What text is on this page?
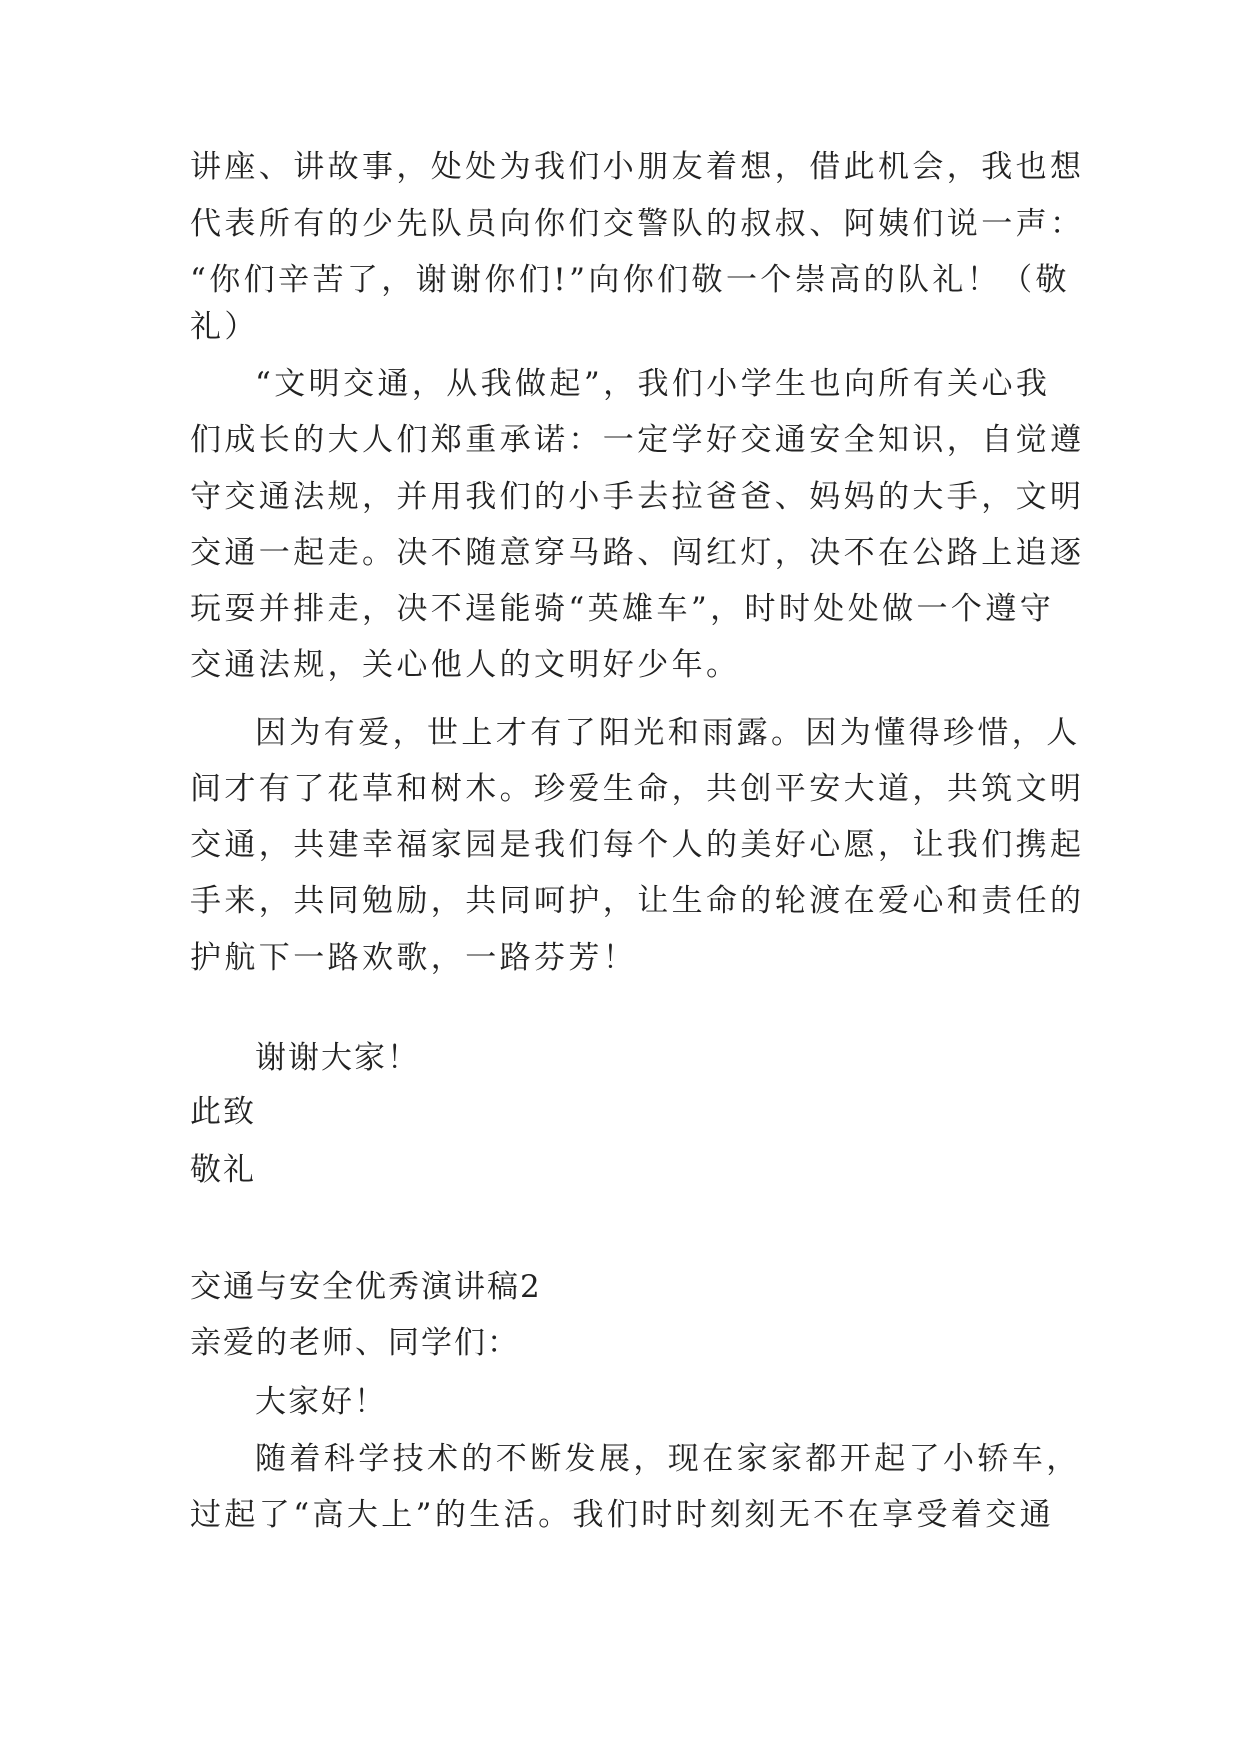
讲座、讲故事，处处为我们小朋友着想，借此机会，我也想
代表所有的少先队员向你们交警队的叔叔、阿姨们说一声：
“你们辛苦了，谢谢你们!”向你们敬一个崇高的队礼！（敬
礼）
“文明交通，从我做起”，我们小学生也向所有关心我
们成长的大人们郑重承诺：一定学好交通安全知识，自觉遵
守交通法规，并用我们的小手去拉爸爸、妈妈的大手，文明
交通一起走。决不随意穿马路、闯红灯，决不在公路上追逐
玩耍并排走，决不逞能骑“英雄车”，时时处处做一个遵守
交通法规，关心他人的文明好少年。
因为有爱，世上才有了阳光和雨露。因为懂得珍惜，人
间才有了花草和树木。珍爱生命，共创平安大道，共筑文明
交通，共建幸福家园是我们每个人的美好心愿，让我们携起
手来，共同勉励，共同呵护，让生命的轮渡在爱心和责任的
护航下一路欢歌，一路芬芳！
谢谢大家！
此致
敬礼
交通与安全优秀演讲稿2
亲爱的老师、同学们：
大家好！
随着科学技术的不断发展，现在家家都开起了小轿车，
过起了“高大上”的生活。我们时时刻刻无不在享受着交通
